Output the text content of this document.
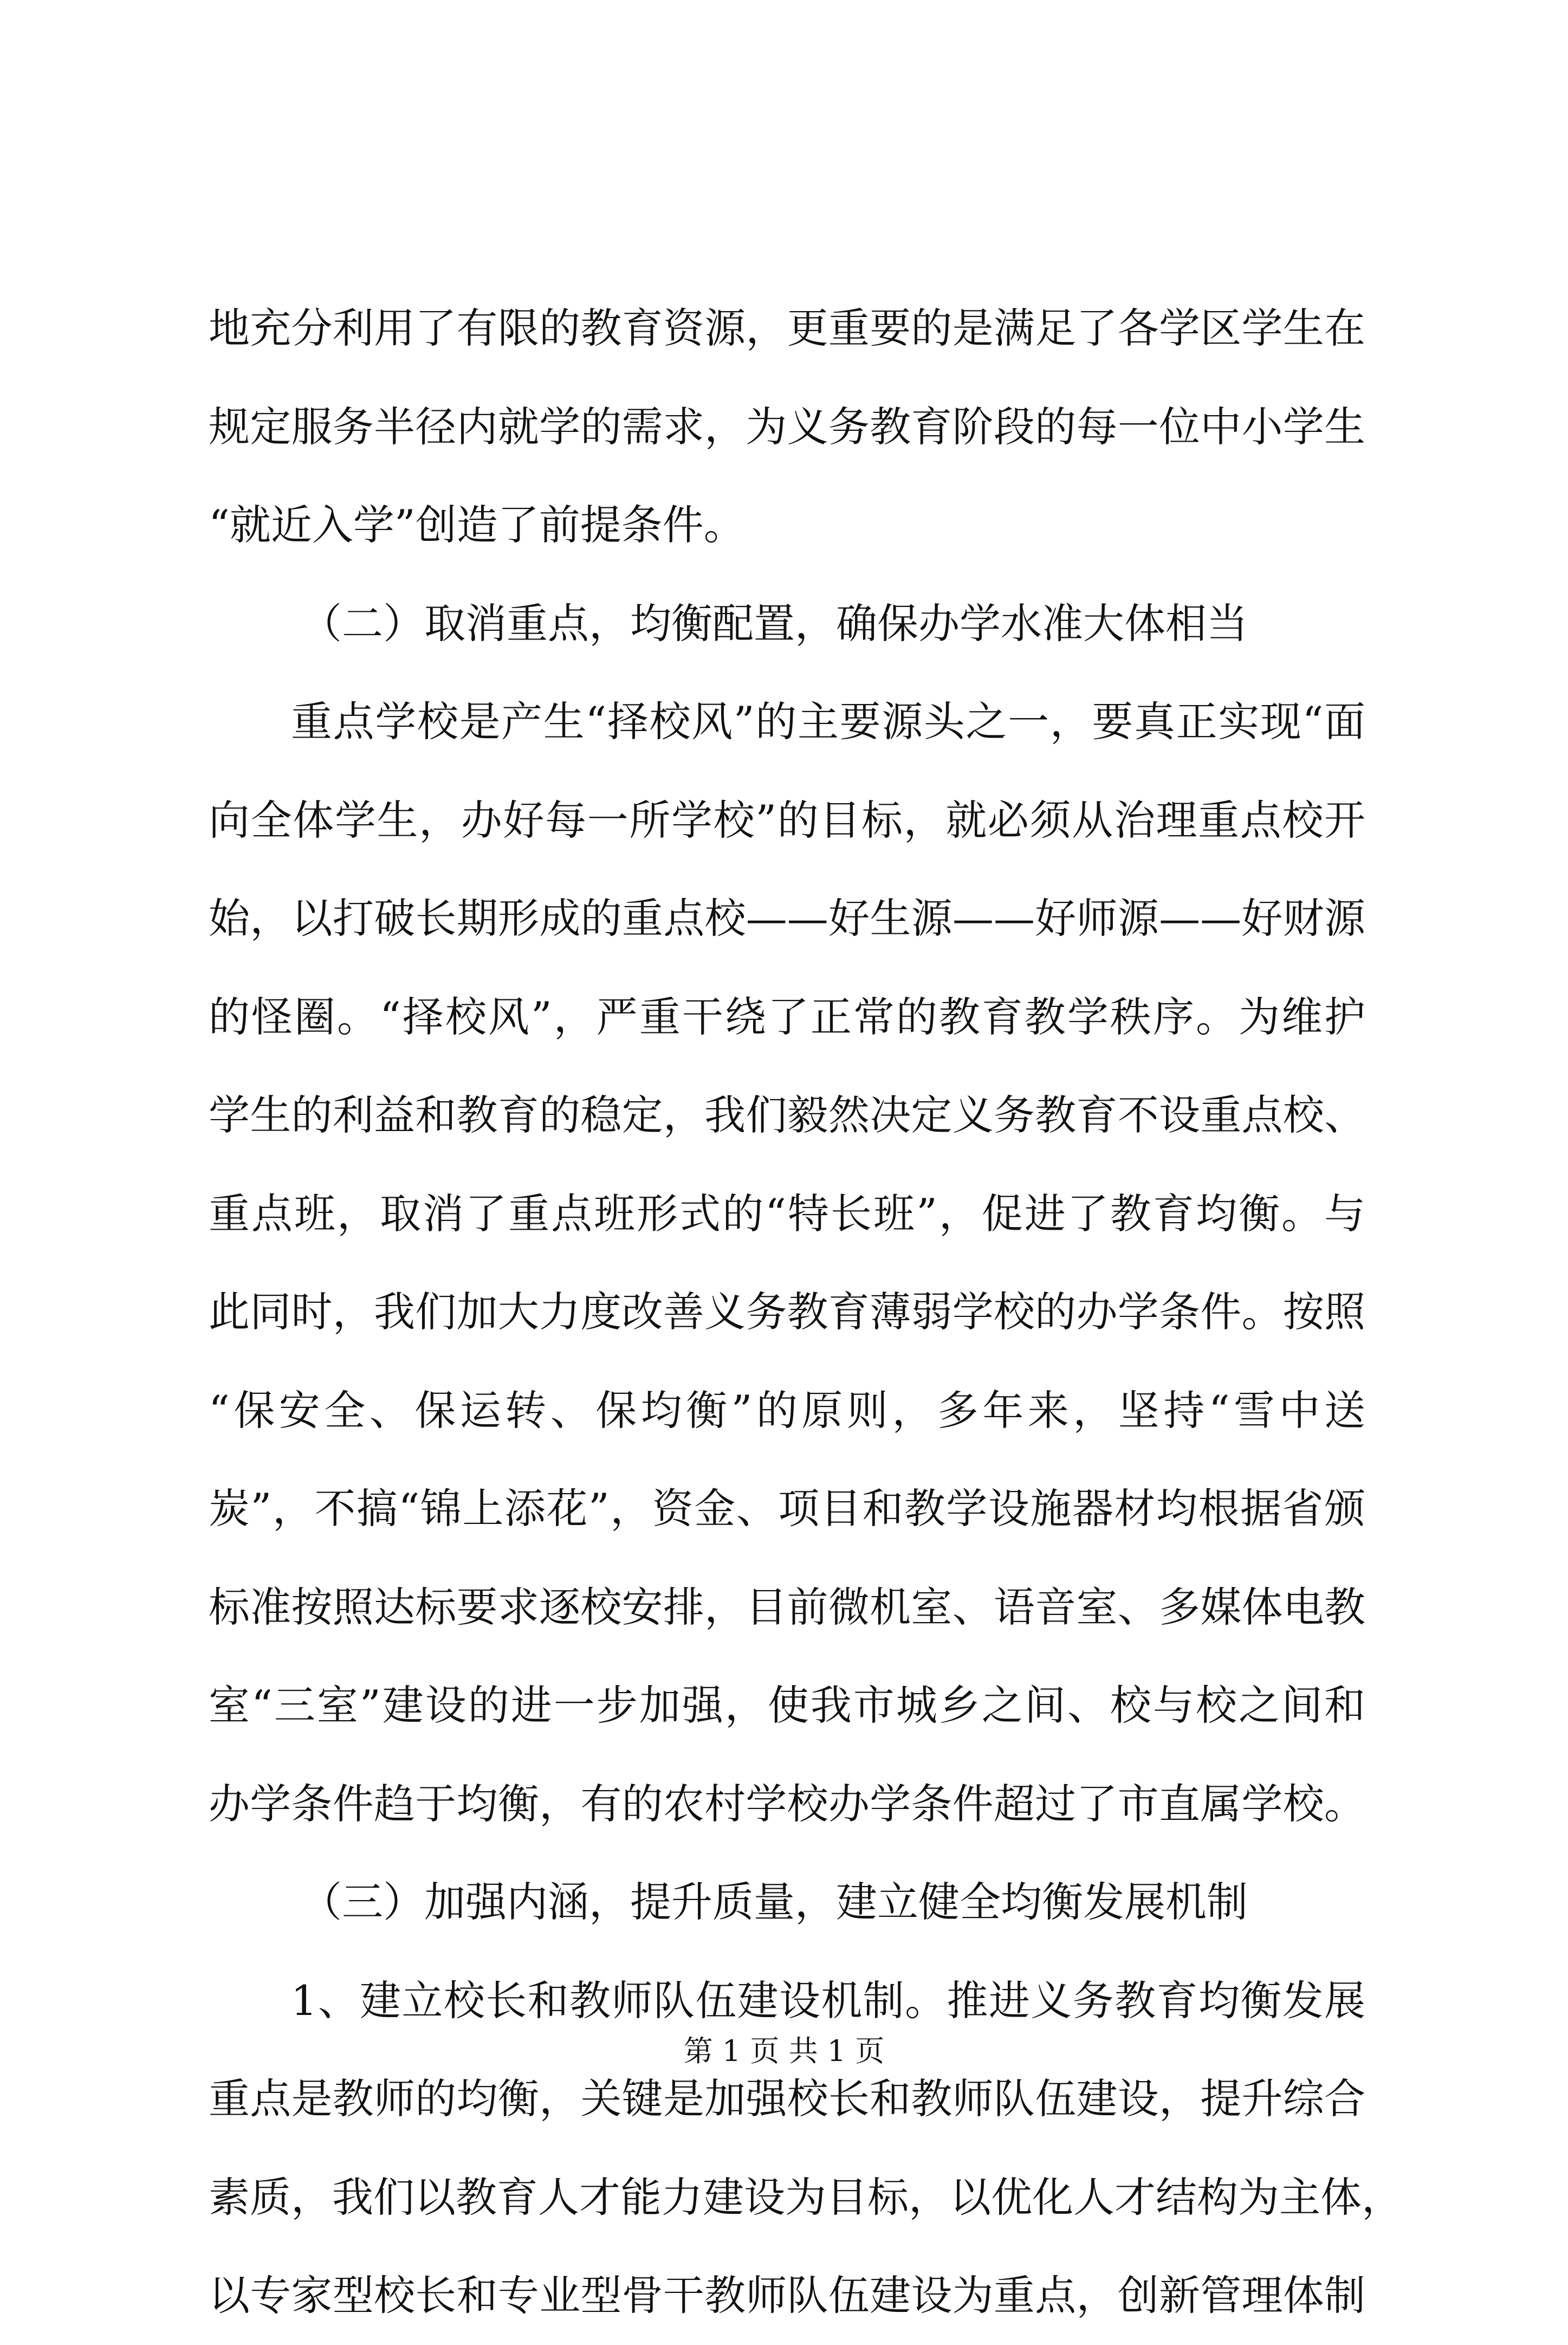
地充分利用了有限的教育资源，更重要的是满足了各学区学生在
规定服务半径内就学的需求，为义务教育阶段的每一位中小学生
“就近入学”创造了前提条件。
（二）取消重点，均衡配置，确保办学水准大体相当
重点学校是产生“择校风”的主要源头之一，要真正实现“面
向全体学生，办好每一所学校”的目标，就必须从治理重点校开
始，以打破长期形成的重点校——好生源——好师源——好财源
的怪圈。“择校风”，严重干绕了正常的教育教学秩序。为维护
学生的利益和教育的稳定，我们毅然决定义务教育不设重点校、
重点班，取消了重点班形式的“特长班”，促进了教育均衡。与
此同时，我们加大力度改善义务教育薄弱学校的办学条件。按照
“保安全、保运转、保均衡”的原则，多年来，坚持“雪中送
炭”，不搞“锦上添花”，资金、项目和教学设施器材均根据省颁
标准按照达标要求逐校安排，目前微机室、语音室、多媒体电教
室“三室”建设的进一步加强，使我市城乡之间、校与校之间和
办学条件趋于均衡，有的农村学校办学条件超过了市直属学校。
（三）加强内涵，提升质量，建立健全均衡发展机制
1、建立校长和教师队伍建设机制。推进义务教育均衡发展
重点是教师的均衡，关键是加强校长和教师队伍建设，提升综合
素质，我们以教育人才能力建设为目标，以优化人才结构为主体，
以专家型校长和专业型骨干教师队伍建设为重点，创新管理体制
第 1 页 共 1 页
